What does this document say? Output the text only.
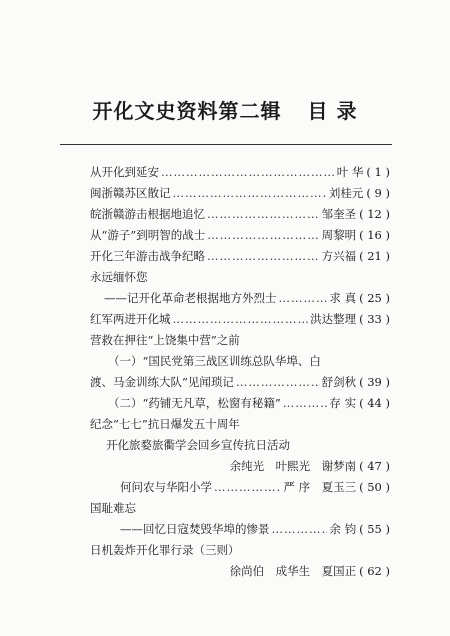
开化文史资料第二辑 目 录
从开化到延安 …………………………………………………………………………………………………………	叶 华 ( 1 )
闽浙赣苏区散记 …………………………………………………………………………………………………………	刘桂元 ( 9 )
皖浙赣游击根据地追忆 …………………………………………………………………………………………………………	邹奎圣 ( 12 )
从“游子”到明智的战士 …………………………………………………………………………………………………………	周黎明 ( 16 )
开化三年游击战争纪略 …………………………………………………………………………………………………………	方兴福 ( 21 )
永远缅怀您
——记开化革命老根据地方外烈士 …………………………………………………………………………………………………………	求 真 ( 25 )
红军两进开化城 …………………………………………………………………………………………………………	洪达整理 ( 33 )
营救在押往“上饶集中营”之前
（一）“国民党第三战区训练总队华埠、白
渡、马金训练大队”见闻琐记 …………………………………………………………………………………………………………	舒剑秋 ( 39 )
（二）“药铺无凡草，松窗有秘籍” …………………………………………………………………………………………………………	存 实 ( 44 )
纪念“七七”抗日爆发五十周年
开化旅婺旅衢学会回乡宣传抗日活动
余纯光　叶熙光　谢梦南 ( 47 )
何问农与华阳小学 …………………………………………………………………………………………………………	严 序　夏玉三 ( 50 )
国耻难忘
——回忆日寇焚毁华埠的惨景 …………………………………………………………………………………………………………	余 钧 ( 55 )
日机轰炸开化罪行录（三则）
徐尚伯　成华生　夏国正 ( 62 )
